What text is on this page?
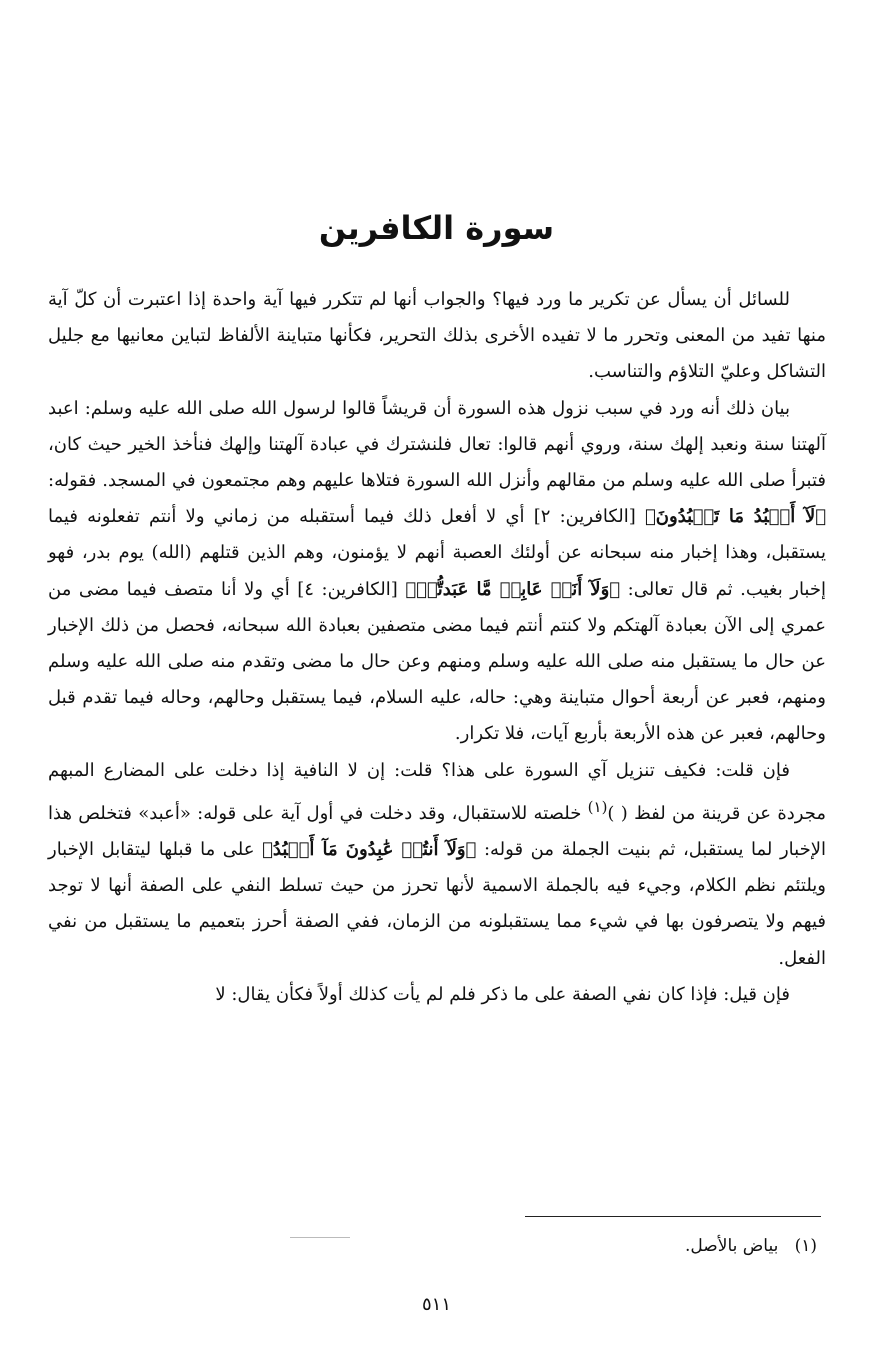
سورة الكافرين

للسائل أن يسأل عن تكرير ما ورد فيها؟ والجواب أنها لم تتكرر فيها آية واحدة إذا اعتبرت أن كلّ آية منها تفيد من المعنى وتحرر ما لا تفيده الأخرى بذلك التحرير، فكأنها متباينة الألفاظ لتباين معانيها مع جليل التشاكل وعليّ التلاؤم والتناسب.

بيان ذلك أنه ورد في سبب نزول هذه السورة أن قريشاً قالوا لرسول الله صلى الله عليه وسلم: اعبد آلهتنا سنة ونعبد إلهك سنة، وروي أنهم قالوا: تعال فلنشترك في عبادة آلهتنا وإلهك فنأخذ الخير حيث كان، فتبرأ صلى الله عليه وسلم من مقالهم وأنزل الله السورة فتلاها عليهم وهم مجتمعون في المسجد. فقوله: ﴿لَآ أَعۡبُدُ مَا تَعۡبُدُونَ﴾ [الكافرين: ٢] أي لا أفعل ذلك فيما أستقبله من زماني ولا أنتم تفعلونه فيما يستقبل، وهذا إخبار منه سبحانه عن أولئك العصبة أنهم لا يؤمنون، وهم الذين قتلهم (الله) يوم بدر، فهو إخبار بغيب. ثم قال تعالى: ﴿وَلَآ أَنَا۠ عَابِدٞ مَّا عَبَدتُّمۡ﴾ [الكافرين: ٤] أي ولا أنا متصف فيما مضى من عمري إلى الآن بعبادة آلهتكم ولا كنتم أنتم فيما مضى متصفين بعبادة الله سبحانه، فحصل من ذلك الإخبار عن حال ما يستقبل منه صلى الله عليه وسلم ومنهم وعن حال ما مضى وتقدم منه صلى الله عليه وسلم ومنهم، فعبر عن أربعة أحوال متباينة وهي: حاله، عليه السلام، فيما يستقبل وحالهم، وحاله فيما تقدم قبل وحالهم، فعبر عن هذه الأربعة بأربع آيات، فلا تكرار.

فإن قلت: فكيف تنزيل آي السورة على هذا؟ قلت: إن لا النافية إذا دخلت على المضارع المبهم مجردة عن قرينة من لفظ ( )$^{(١)}$ خلصته للاستقبال، وقد دخلت في أول آية على قوله: «أعبد» فتخلص هذا الإخبار لما يستقبل، ثم بنيت الجملة من قوله: ﴿وَلَآ أَنتُمۡ عَٰبِدُونَ مَآ أَعۡبُدُ﴾ على ما قبلها ليتقابل الإخبار ويلتئم نظم الكلام، وجيء فيه بالجملة الاسمية لأنها تحرز من حيث تسلط النفي على الصفة أنها لا توجد فيهم ولا يتصرفون بها في شيء مما يستقبلونه من الزمان، ففي الصفة أحرز بتعميم ما يستقبل من نفي الفعل.

فإن قيل: فإذا كان نفي الصفة على ما ذكر فلم لم يأت كذلك أولاً فكأن يقال: لا

(١)   بياض بالأصل.
٥١١
